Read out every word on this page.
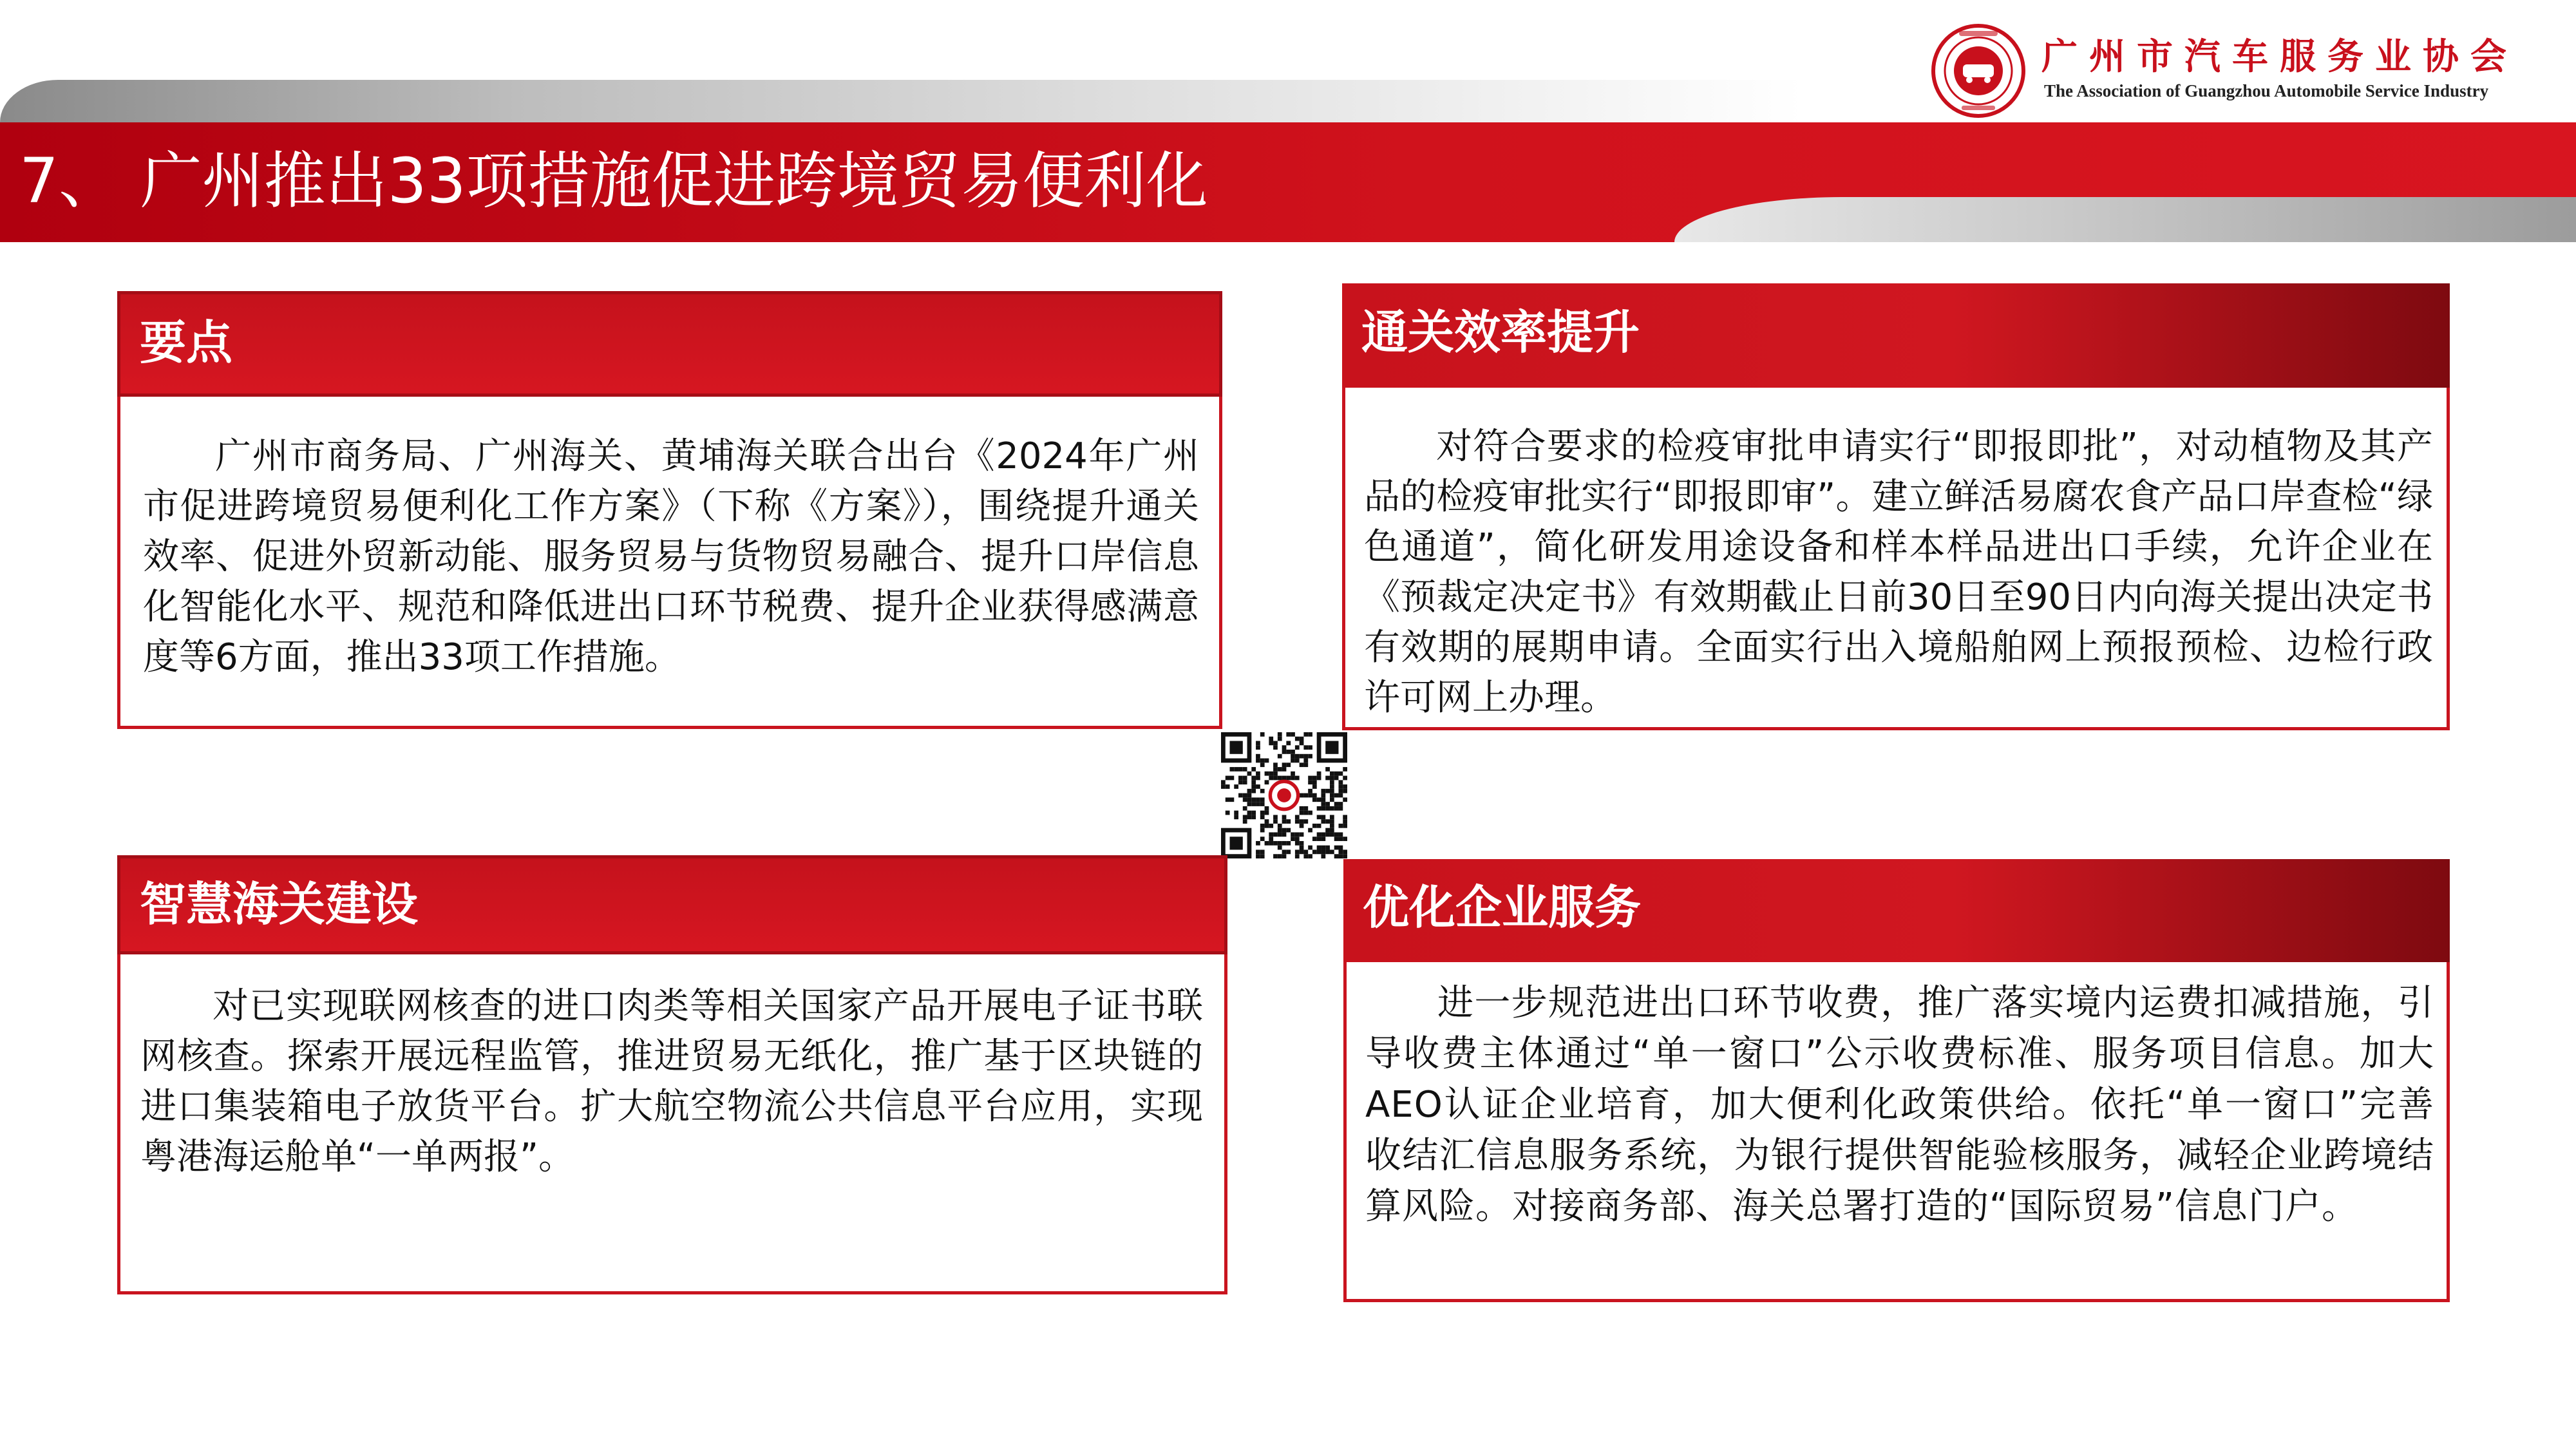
7、 广州推出33项措施促进跨境贸易便利化
广州市汽车服务业协会
The Association of Guangzhou Automobile Service Industry
要点
广州市商务局、广州海关、黄埔海关联合出台《2024年广州市促进跨境贸易便利化工作方案》（下称《方案》），围绕提升通关效率、促进外贸新动能、服务贸易与货物贸易融合、提升口岸信息化智能化水平、规范和降低进出口环节税费、提升企业获得感满意度等6方面，推出33项工作措施。
通关效率提升
对符合要求的检疫审批申请实行“即报即批”，对动植物及其产品的检疫审批实行“即报即审”。建立鲜活易腐农食产品口岸查检“绿色通道”，简化研发用途设备和样本样品进出口手续，允许企业在《预裁定决定书》有效期截止日前30日至90日内向海关提出决定书有效期的展期申请。全面实行出入境船舶网上预报预检、边检行政许可网上办理。
智慧海关建设
对已实现联网核查的进口肉类等相关国家产品开展电子证书联网核查。探索开展远程监管，推进贸易无纸化，推广基于区块链的进口集装箱电子放货平台。扩大航空物流公共信息平台应用，实现粤港海运舱单“一单两报”。
优化企业服务
进一步规范进出口环节收费，推广落实境内运费扣减措施，引导收费主体通过“单一窗口”公示收费标准、服务项目信息。加大AEO认证企业培育，加大便利化政策供给。依托“单一窗口”完善收结汇信息服务系统，为银行提供智能验核服务，减轻企业跨境结算风险。对接商务部、海关总署打造的“国际贸易”信息门户。
